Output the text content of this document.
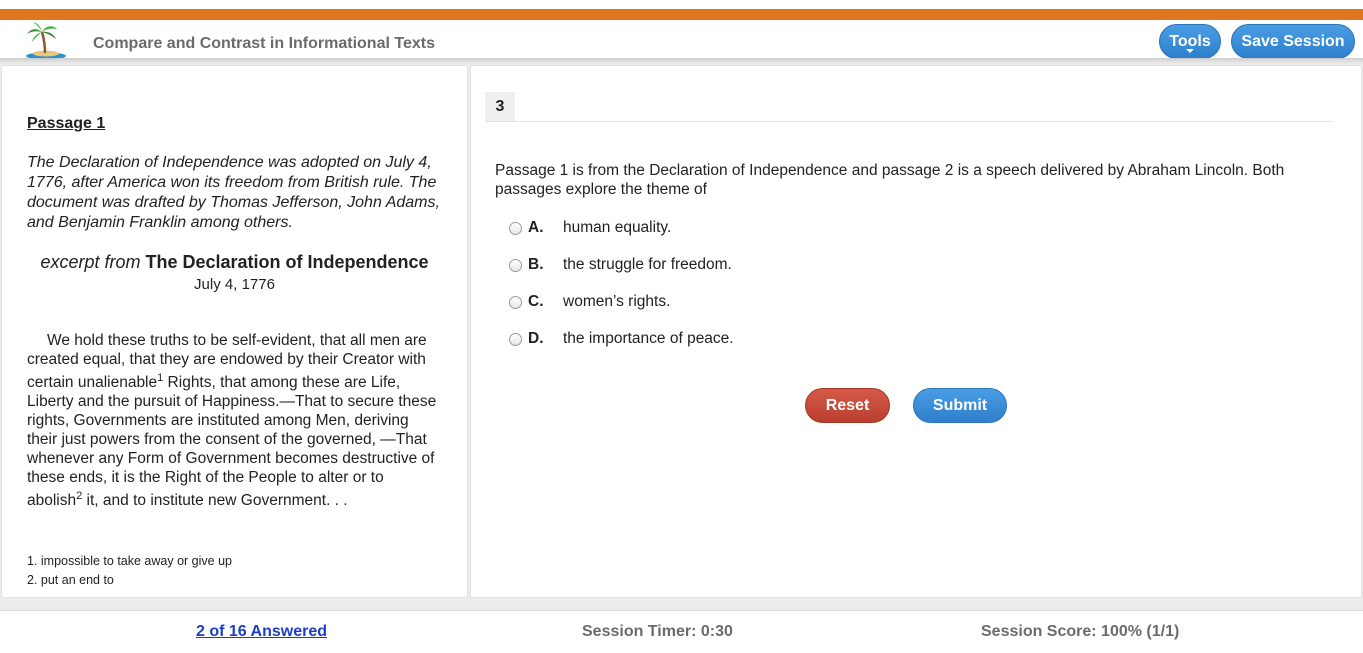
Compare and Contrast in Informational Texts	Tools	Save Session
Passage 1
The Declaration of Independence was adopted on July 4, 1776, after America won its freedom from British rule. The document was drafted by Thomas Jefferson, John Adams, and Benjamin Franklin among others.
excerpt from The Declaration of Independence
July 4, 1776
We hold these truths to be self-evident, that all men are created equal, that they are endowed by their Creator with certain unalienable$^1$ Rights, that among these are Life, Liberty and the pursuit of Happiness.—That to secure these rights, Governments are instituted among Men, deriving their just powers from the consent of the governed, —That whenever any Form of Government becomes destructive of these ends, it is the Right of the People to alter or to abolish$^2$ it, and to institute new Government. . .
1. impossible to take away or give up
2. put an end to
3
Passage 1 is from the Declaration of Independence and passage 2 is a speech delivered by Abraham Lincoln. Both passages explore the theme of
A.	human equality.
B.	the struggle for freedom.
C.	women’s rights.
D.	the importance of peace.
Reset	Submit
2 of 16 Answered	Session Timer: 0:30	Session Score: 100% (1/1)
